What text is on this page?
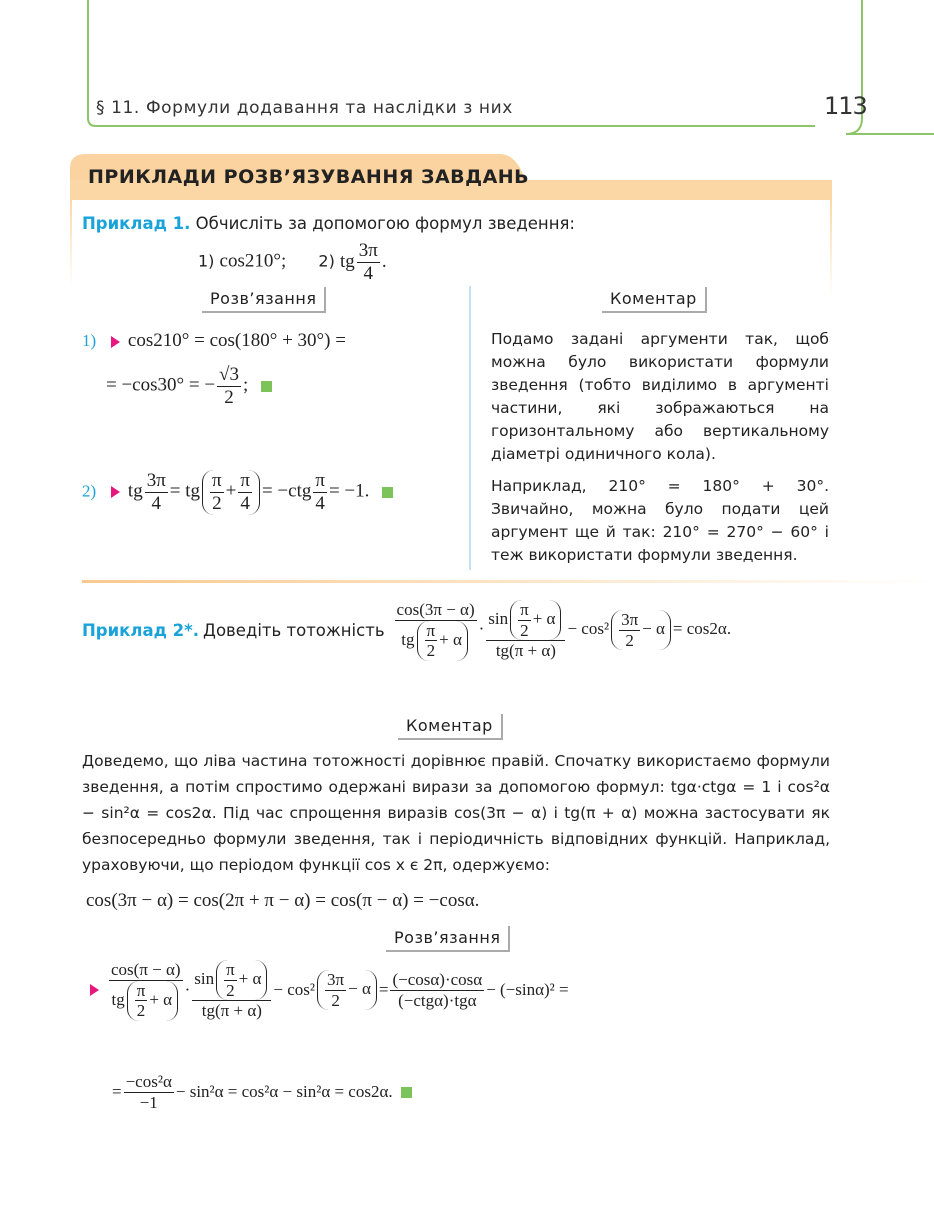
§ 11. Формули додавання та наслідки з них	113
ПРИКЛАДИ РОЗВ’ЯЗУВАННЯ ЗАВДАНЬ
Приклад 1. Обчисліть за допомогою формул зведення:
1) cos210°; 2) tg $\frac{3\pi}{4}$ .
Розв’язання	Коментар
1) cos210° = cos(180° + 30°) =
= −cos30° = − $\frac{√3}{2}$ ;
2) tg $\frac{3\pi}{4}$ = tg $\frac{\pi}{2} + \frac{\pi}{4} = -ctg \frac{\pi}{4} = -1$.
Подамо задані аргументи так, щоб можна було використати формули зведення (тобто виділимо в аргументі частини, які зображаються на горизонтальному або вертикальному діаметрі одиничного кола).
Наприклад, 210° = 180° + 30°. Звичайно, можна було подати цей аргумент ще й так: 210° = 270° − 60° і теж використати формули зведення.
Приклад 2*. Доведіть тотожність
cos(3π − α)
tg $\frac{\pi}{2} + \alpha$
· $\frac{\sin \frac{\pi}{2} + \alpha}{tg(\pi + \alpha)} - \cos^2 \frac{3\pi}{2} - \alpha = \cos 2\alpha$.
Коментар
Доведемо, що ліва частина тотожності дорівнює правій. Спочатку використаємо формули зведення, а потім спростимо одержані вирази за допомогою формул: tgα·ctgα = 1 і cos²α − sin²α = cos2α. Під час спрощення виразів cos(3π − α) і tg(π + α) можна застосувати як безпосередньо формули зведення, так і періодичність відповідних функцій. Наприклад, ураховуючи, що періодом функції cos x є 2π, одержуємо:
cos(3π − α) = cos(2π + π − α) = cos(π − α) = −cosα.
Розв’язання
cos(π − α)
tg $\frac{\pi}{2} + \alpha$ ·
$\sin \frac{\pi}{2} + \alpha$
tg(π + α)
− $\cos^2 \frac{3\pi}{2} - \alpha$ =
(−cosα)·cosα
(−ctgα)·tgα
− (−sinα)² =
=
−cos²α
−1
− sin²α = cos²α − sin²α = cos2α.
